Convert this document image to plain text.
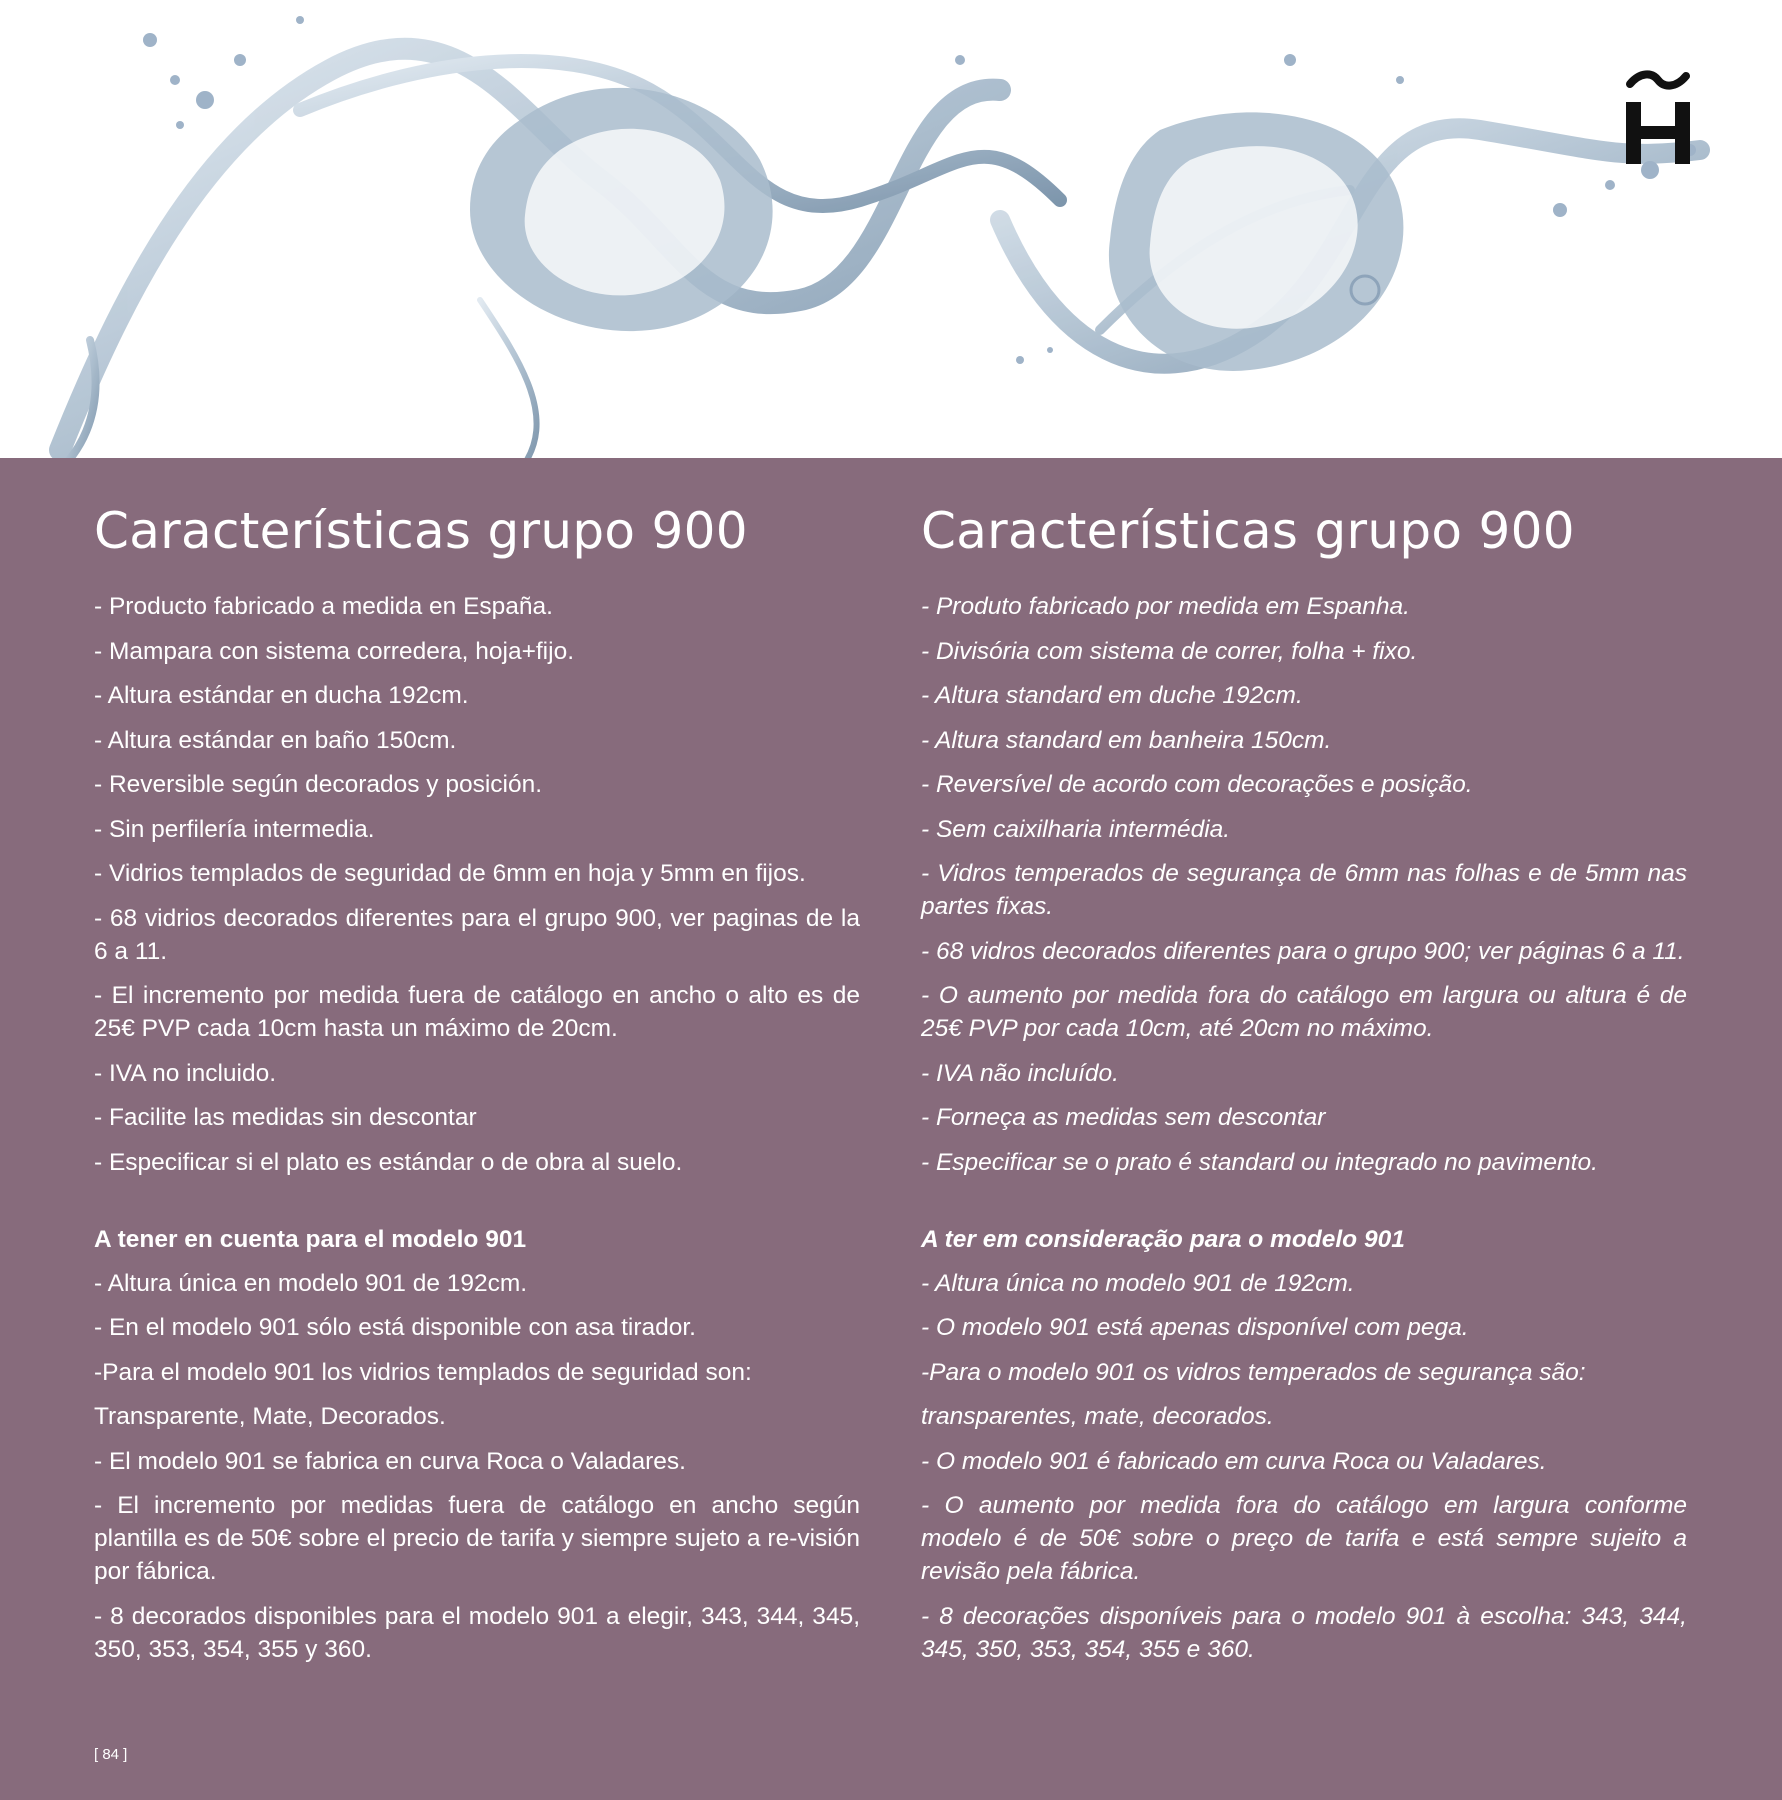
Características grupo 900
- Producto fabricado a medida en España.
- Mampara con sistema corredera, hoja+fijo.
- Altura estándar en ducha 192cm.
- Altura estándar en baño 150cm.
- Reversible según decorados y posición.
- Sin perfilería intermedia.
- Vidrios templados de seguridad de 6mm en hoja y 5mm en fijos.
- 68 vidrios decorados diferentes para el grupo 900, ver paginas de la 6 a 11.
- El incremento por medida fuera de catálogo en ancho o alto es de 25€ PVP cada 10cm hasta un máximo de 20cm.
- IVA no incluido.
- Facilite las medidas sin descontar
- Especificar si el plato es estándar o de obra al suelo.
A tener en cuenta para el modelo 901
- Altura única en modelo 901 de 192cm.
- En el modelo 901 sólo está disponible con asa tirador.
-Para el modelo 901 los vidrios templados de seguridad son:
Transparente, Mate, Decorados.
- El modelo 901 se fabrica en curva Roca o Valadares.
- El incremento por medidas fuera de catálogo en ancho según plantilla es de 50€ sobre el precio de tarifa y siempre sujeto a re-visión por fábrica.
- 8 decorados disponibles para el modelo 901 a elegir, 343, 344, 345, 350, 353, 354, 355 y 360.
Características grupo 900
- Produto fabricado por medida em Espanha.
- Divisória com sistema de correr, folha + fixo.
- Altura standard em duche 192cm.
- Altura standard em banheira 150cm.
- Reversível de acordo com decorações e posição.
- Sem caixilharia intermédia.
- Vidros temperados de segurança de 6mm nas folhas e de 5mm nas partes fixas.
- 68 vidros decorados diferentes para o grupo 900; ver páginas 6 a 11.
- O aumento por medida fora do catálogo em largura ou altura é de 25€ PVP por cada 10cm, até 20cm no máximo.
- IVA não incluído.
- Forneça as medidas sem descontar
- Especificar se o prato é standard ou integrado no pavimento.
A ter em consideração para o modelo 901
- Altura única no modelo 901 de 192cm.
- O modelo 901 está apenas disponível com pega.
-Para o modelo 901 os vidros temperados de segurança são:
transparentes, mate, decorados.
- O modelo 901 é fabricado em curva Roca ou Valadares.
- O aumento por medida fora do catálogo em largura conforme modelo é de 50€ sobre o preço de tarifa e está sempre sujeito a revisão pela fábrica.
- 8 decorações disponíveis para o modelo 901 à escolha: 343, 344, 345, 350, 353, 354, 355 e 360.
[ 84 ]
